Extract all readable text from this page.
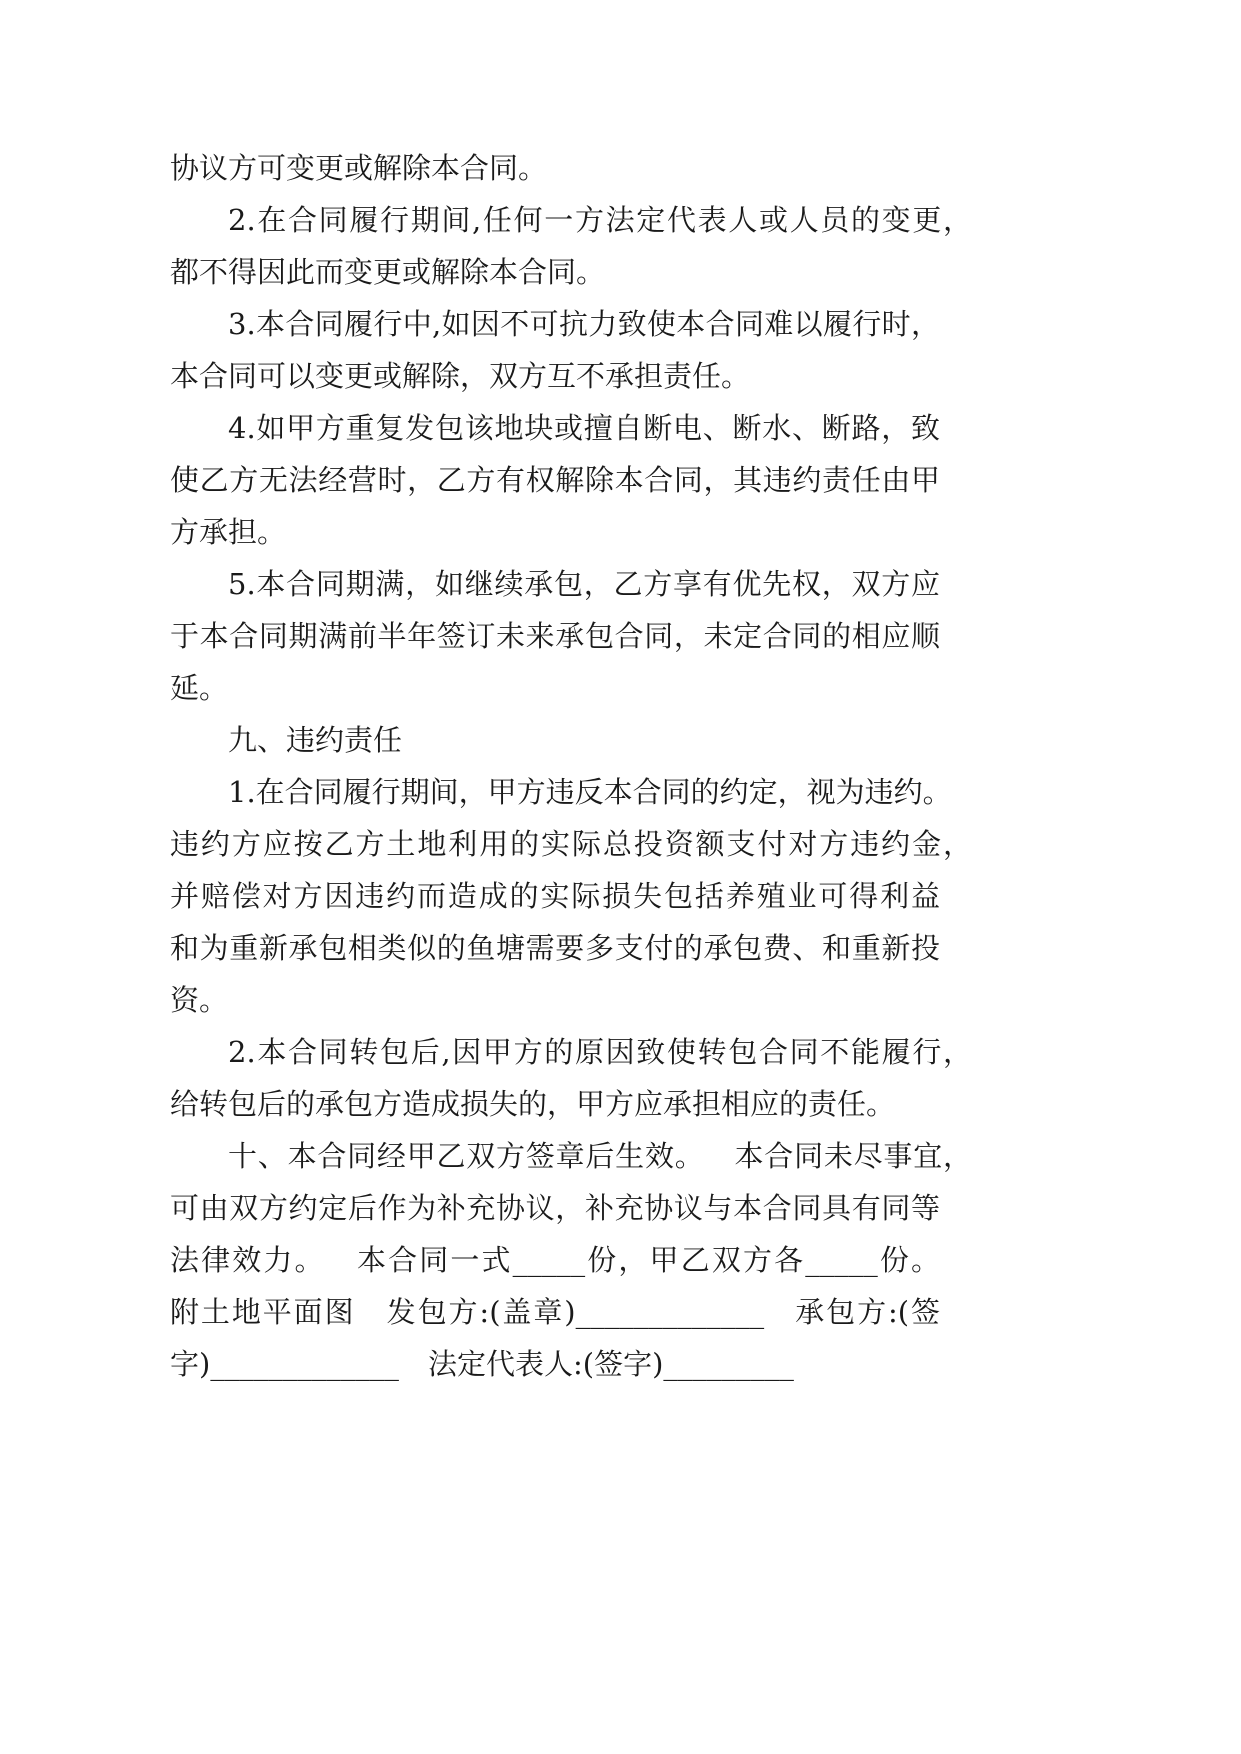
协议方可变更或解除本合同。
2.在合同履行期间,任何一方法定代表人或人员的变更，
都不得因此而变更或解除本合同。
3.本合同履行中,如因不可抗力致使本合同难以履行时，
本合同可以变更或解除，双方互不承担责任。
4.如甲方重复发包该地块或擅自断电、断水、断路，致
使乙方无法经营时，乙方有权解除本合同，其违约责任由甲
方承担。
5.本合同期满，如继续承包，乙方享有优先权，双方应
于本合同期满前半年签订未来承包合同，未定合同的相应顺
延。
九、违约责任
1.在合同履行期间，甲方违反本合同的约定，视为违约。
违约方应按乙方土地利用的实际总投资额支付对方违约金，
并赔偿对方因违约而造成的实际损失包括养殖业可得利益
和为重新承包相类似的鱼塘需要多支付的承包费、和重新投
资。
2.本合同转包后,因甲方的原因致使转包合同不能履行，
给转包后的承包方造成损失的，甲方应承担相应的责任。
十、本合同经甲乙双方签章后生效。 本合同未尽事宜，
可由双方约定后作为补充协议，补充协议与本合同具有同等
法律效力。 本合同一式_____份，甲乙双方各_____份。
附土地平面图 发包方:(盖章)_____________ 承包方:(签
字)_____________ 法定代表人:(签字)_________
